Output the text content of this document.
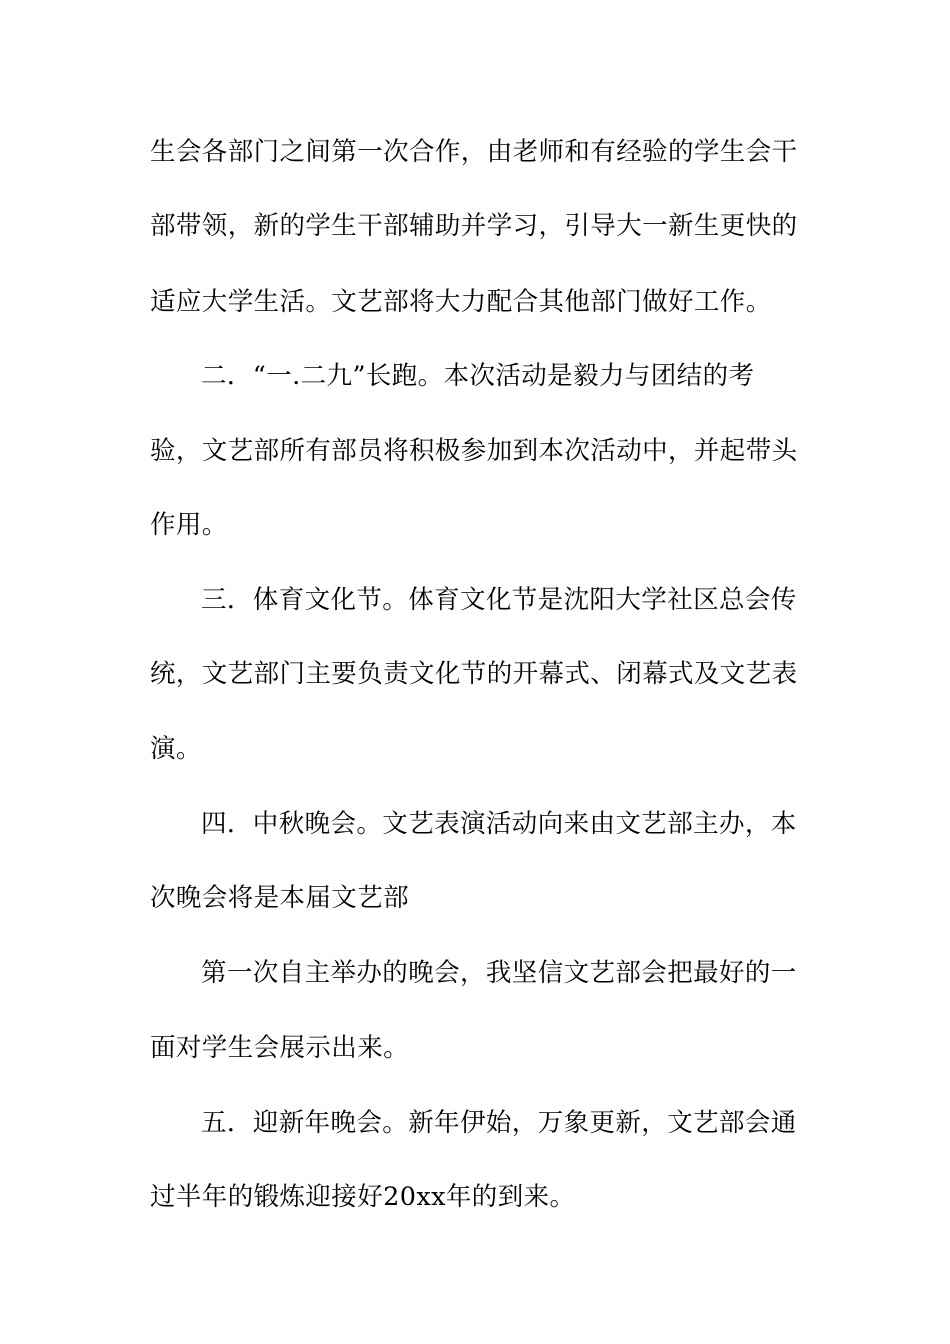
生会各部门之间第一次合作，由老师和有经验的学生会干
部带领，新的学生干部辅助并学习，引导大一新生更快的
适应大学生活。文艺部将大力配合其他部门做好工作。
二．“一.二九”长跑。本次活动是毅力与团结的考
验，文艺部所有部员将积极参加到本次活动中，并起带头
作用。
三．体育文化节。体育文化节是沈阳大学社区总会传
统，文艺部门主要负责文化节的开幕式、闭幕式及文艺表
演。
四．中秋晚会。文艺表演活动向来由文艺部主办，本
次晚会将是本届文艺部
第一次自主举办的晚会，我坚信文艺部会把最好的一
面对学生会展示出来。
五．迎新年晚会。新年伊始，万象更新，文艺部会通
过半年的锻炼迎接好20xx年的到来。
